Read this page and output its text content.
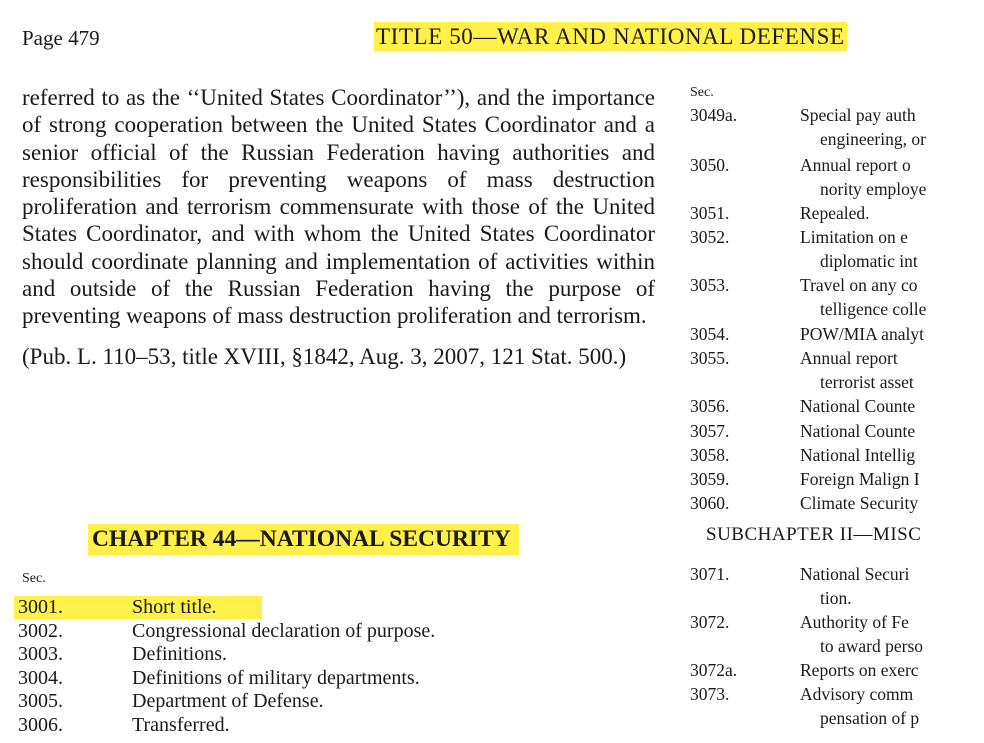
Page 479	TITLE 50—WAR AND NATIONAL DEFENSE

referred to as the ‘‘United States Coordinator’’), and the importance of strong cooperation between the United States Coordinator and a senior official of the Russian Federation having authorities and responsibilities for preventing weapons of mass destruction proliferation and terrorism commensurate with those of the United States Coordinator, and with whom the United States Coordinator should coordinate planning and implementation of activities within and outside of the Russian Federation having the purpose of preventing weapons of mass destruction proliferation and terrorism.

(Pub. L. 110–53, title XVIII, §1842, Aug. 3, 2007, 121 Stat. 500.)

CHAPTER 44—NATIONAL SECURITY
Sec.
3001.	Short title.
3002.	Congressional declaration of purpose.
3003.	Definitions.
3004.	Definitions of military departments.
3005.	Department of Defense.
3006.	Transferred.
Sec.
3049a.	Special pay auth
engineering, or
3050.	Annual report o
nority employe
3051.	Repealed.
3052.	Limitation on e
diplomatic int
3053.	Travel on any co
telligence colle
3054.	POW/MIA analyt
3055.	Annual report
terrorist asset
3056.	National Counte
3057.	National Counte
3058.	National Intellig
3059.	Foreign Malign I
3060.	Climate Security
SUBCHAPTER II—MISC
3071.	National Securi
tion.
3072.	Authority of Fe
to award perso
3072a.	Reports on exerc
3073.	Advisory comm
pensation of p
